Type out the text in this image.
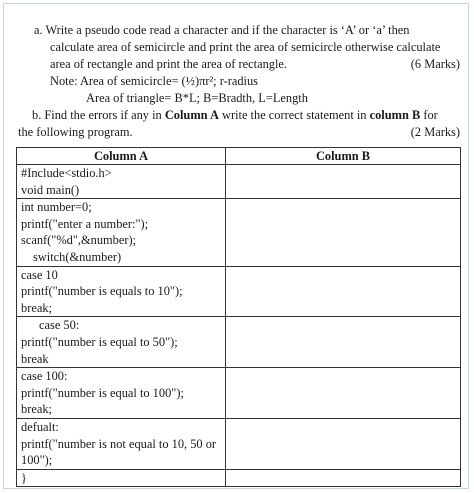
a. Write a pseudo code read a character and if the character is ‘A’ or ‘a’ then
calculate area of semicircle and print the area of semicircle otherwise calculate
area of rectangle and print the area of rectangle.	(6 Marks)
Note: Area of semicircle= (½)πr²; r-radius
Area of triangle= B*L; B=Bradth, L=Length
b. Find the errors if any in Column A write the correct statement in column B for
the following program.	(2 Marks)
Column A	Column B

#Include<stdio.h>
void main()	

int number=0;
printf("enter a number:");
scanf("%d",&number);
switch(&number)	

case 10
printf("number is equals to 10");
break;	

case 50:
printf("number is equal to 50");
break	

case 100:
printf("number is equal to 100");
break;	

defualt:
printf("number is not equal to 10, 50 or
100");	

}	
